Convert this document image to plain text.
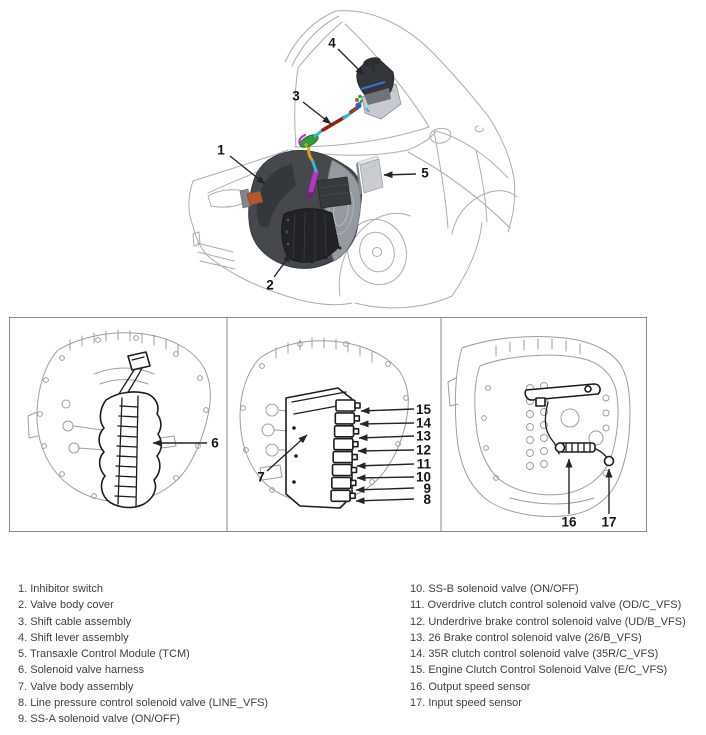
1
2
3
4
5
6
7
15
14
13
12
11
10
9
8
16 17
1. Inhibitor switch
2. Valve body cover
3. Shift cable assembly
4. Shift lever assembly
5. Transaxle Control Module (TCM)
6. Solenoid valve harness
7. Valve body assembly
8. Line pressure control solenoid valve (LINE_VFS)
9. SS-A solenoid valve (ON/OFF)
10. SS-B solenoid valve (ON/OFF)
11. Overdrive clutch control solenoid valve (OD/C_VFS)
12. Underdrive brake control solenoid valve (UD/B_VFS)
13. 26 Brake control solenoid valve (26/B_VFS)
14. 35R clutch control solenoid valve (35R/C_VFS)
15. Engine Clutch Control Solenoid Valve (E/C_VFS)
16. Output speed sensor
17. Input speed sensor
